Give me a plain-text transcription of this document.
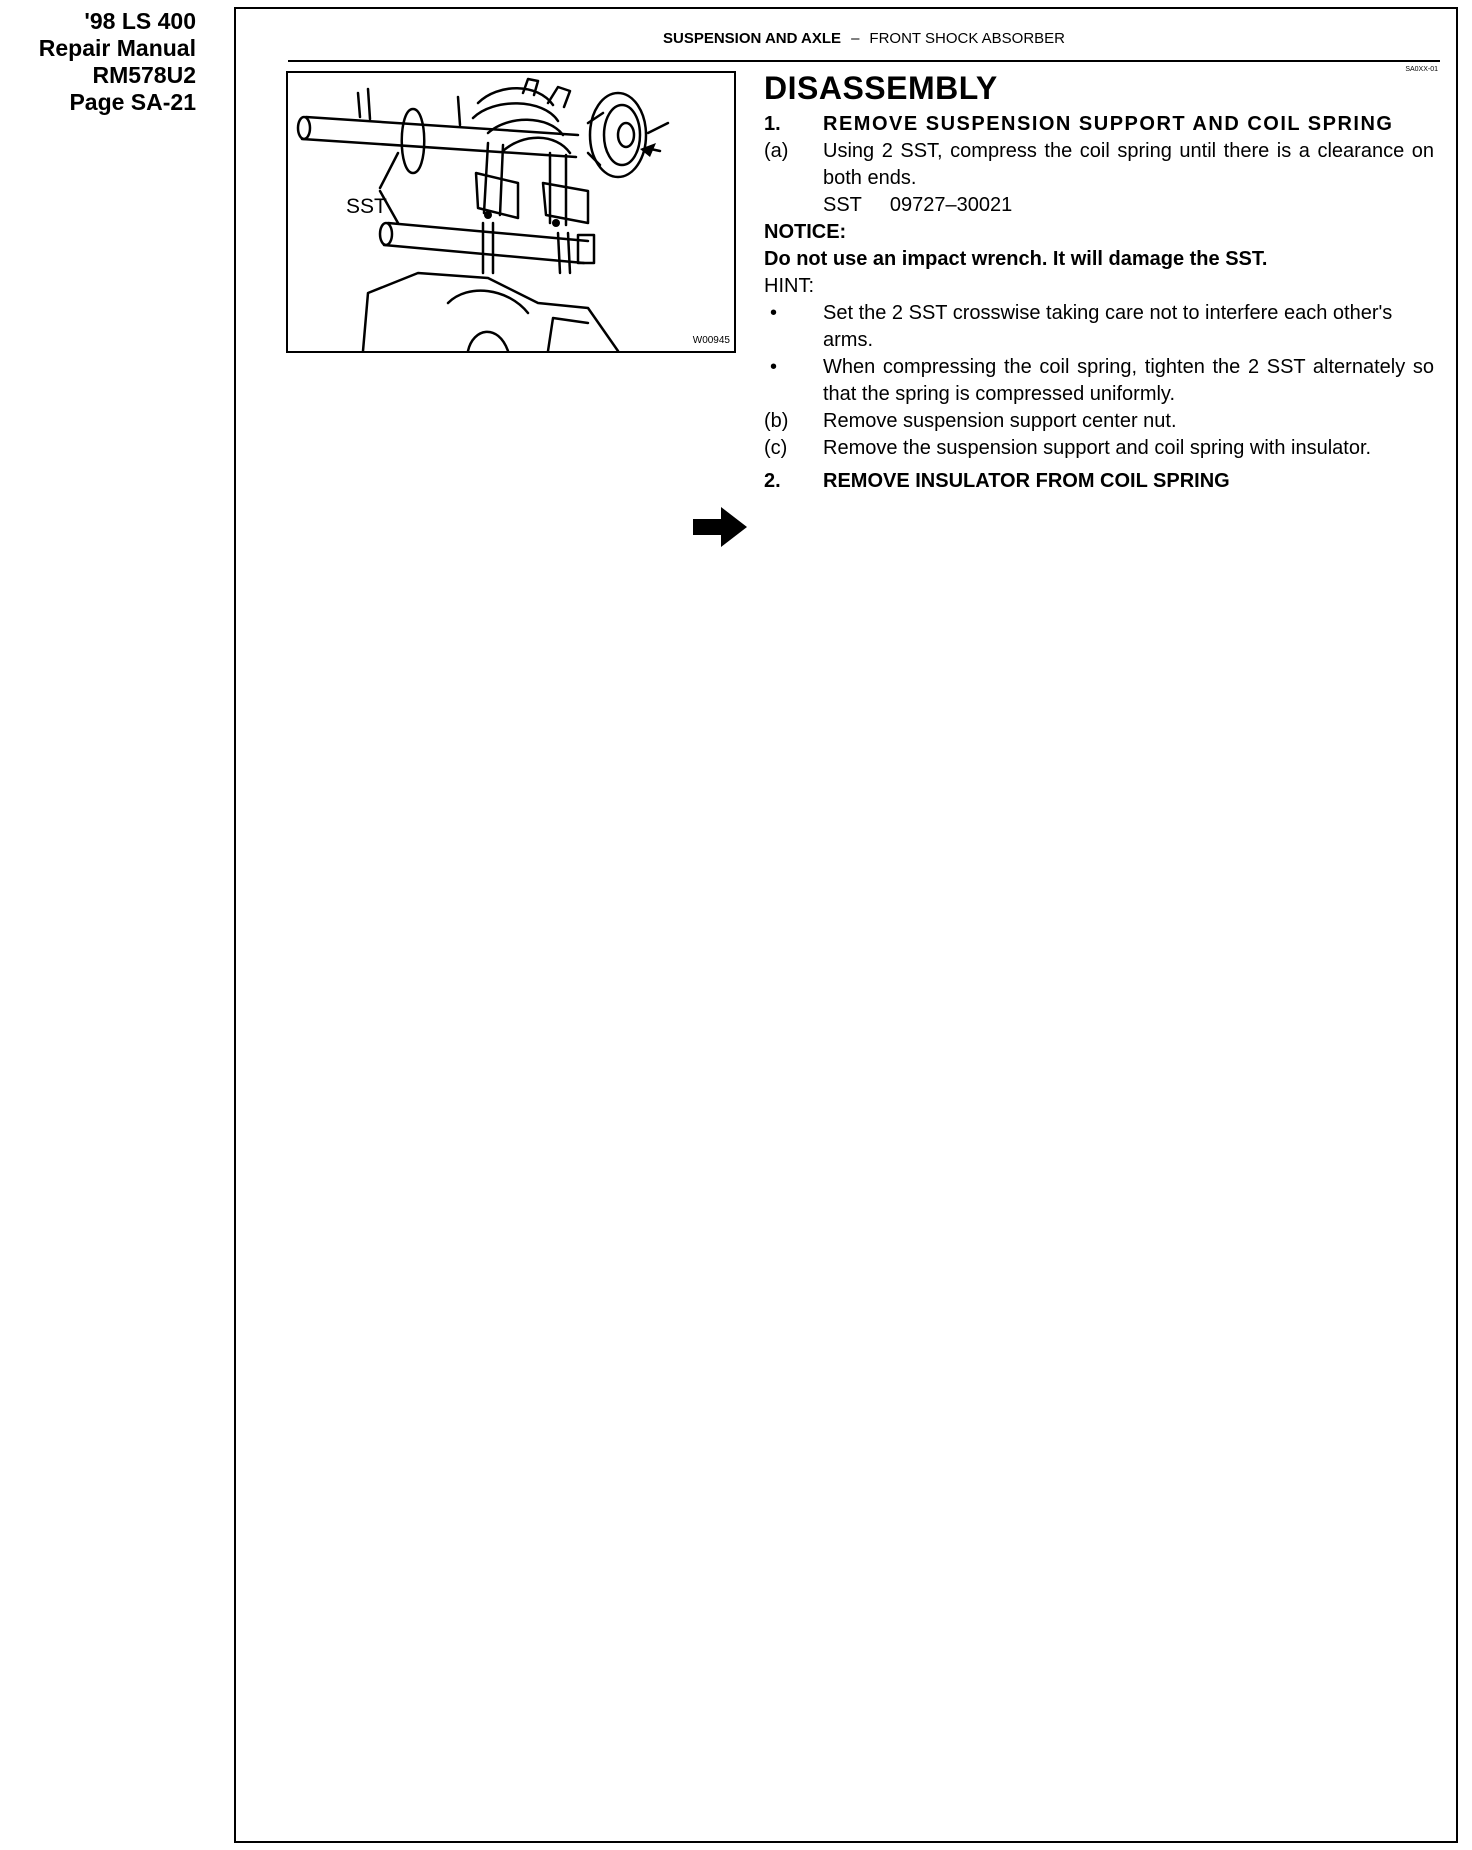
'98 LS 400
Repair Manual
RM578U2
Page SA-21
SUSPENSION AND AXLE – FRONT SHOCK ABSORBER
SA0XX-01
SST
W00945
DISASSEMBLY
1. REMOVE SUSPENSION SUPPORT AND COIL SPRING
(a) Using 2 SST, compress the coil spring until there is a clearance on both ends.
SST 09727–30021
NOTICE:
Do not use an impact wrench. It will damage the SST.
HINT:
• Set the 2 SST crosswise taking care not to interfere each other's arms.
• When compressing the coil spring, tighten the 2 SST alternately so that the spring is compressed uniformly.
(b) Remove suspension support center nut.
(c) Remove the suspension support and coil spring with insulator.
2. REMOVE INSULATOR FROM COIL SPRING
